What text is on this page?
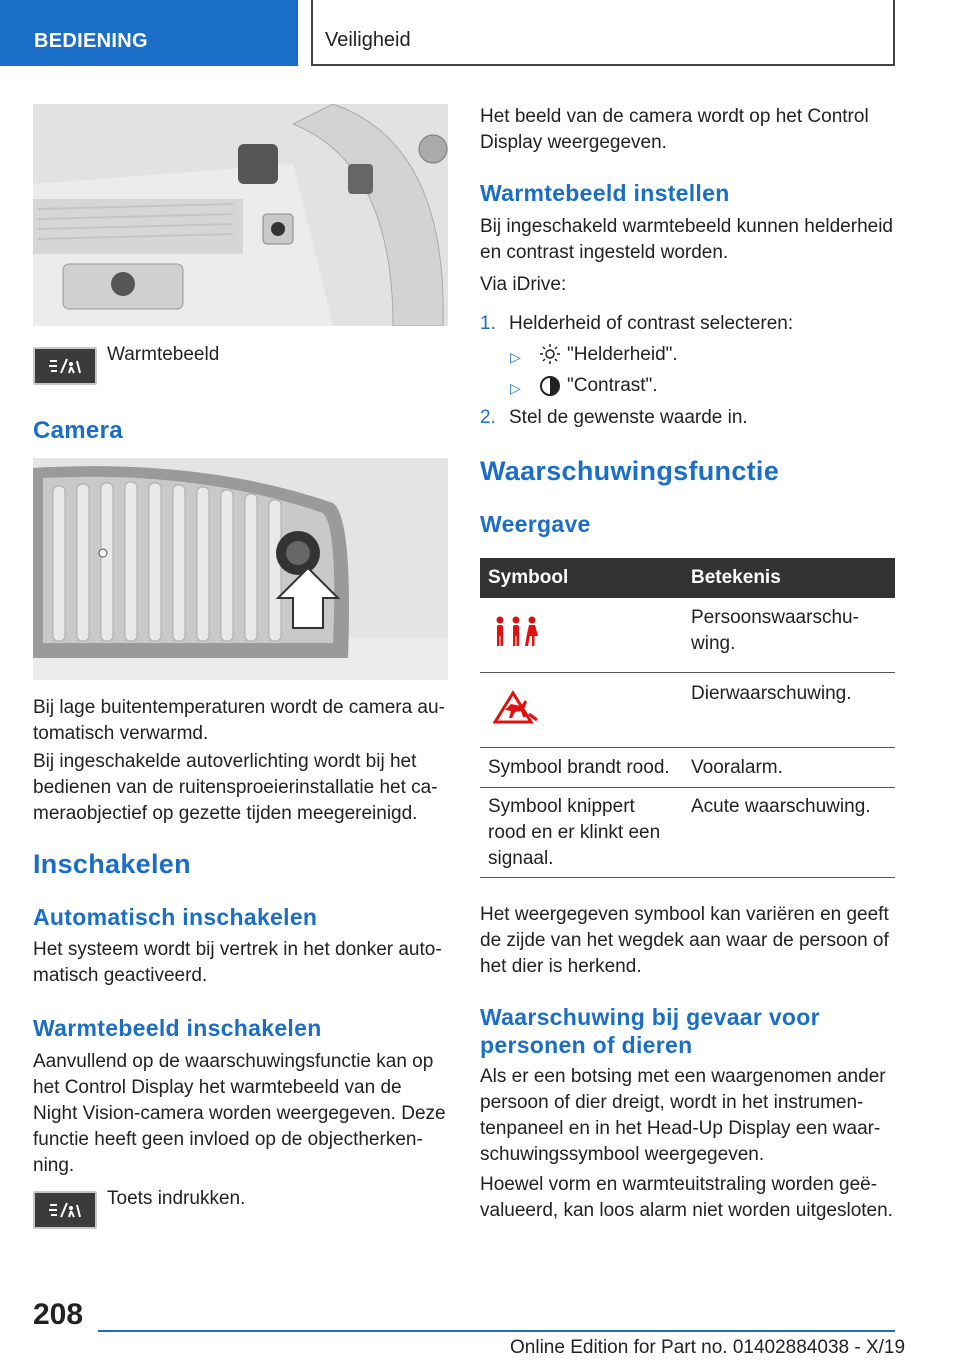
BEDIENING	Veiligheid
Warmtebeeld
Camera
Bij lage buitentemperaturen wordt de camera au‐
tomatisch verwarmd.
Bij ingeschakelde autoverlichting wordt bij het
bedienen van de ruitensproeierinstallatie het ca‐
meraobjectief op gezette tijden meegereinigd.
Inschakelen
Automatisch inschakelen
Het systeem wordt bij vertrek in het donker auto‐
matisch geactiveerd.
Warmtebeeld inschakelen
Aanvullend op de waarschuwingsfunctie kan op
het Control Display het warmtebeeld van de
Night Vision-camera worden weergegeven. Deze
functie heeft geen invloed op de objectherken‐
ning.
Toets indrukken.
Het beeld van de camera wordt op het Control
Display weergegeven.
Warmtebeeld instellen
Bij ingeschakeld warmtebeeld kunnen helderheid
en contrast ingesteld worden.
Via iDrive:
1. Helderheid of contrast selecteren:
▷ "Helderheid".
▷ "Contrast".
2. Stel de gewenste waarde in.
Waarschuwingsfunctie
Weergave
Symbool	Betekenis
Persoonswaarschu‐
wing.
Dierwaarschuwing.
Symbool brandt rood. Vooralarm.
Symbool knippert
rood en er klinkt een
signaal.
Acute waarschuwing.
Het weergegeven symbool kan variëren en geeft
de zijde van het wegdek aan waar de persoon of
het dier is herkend.
Waarschuwing bij gevaar voor
personen of dieren
Als er een botsing met een waargenomen ander
persoon of dier dreigt, wordt in het instrumen‐
tenpaneel en in het Head-Up Display een waar‐
schuwingssymbool weergegeven.
Hoewel vorm en warmteuitstraling worden geë‐
valueerd, kan loos alarm niet worden uitgesloten.
208
Online Edition for Part no. 01402884038 - X/19
